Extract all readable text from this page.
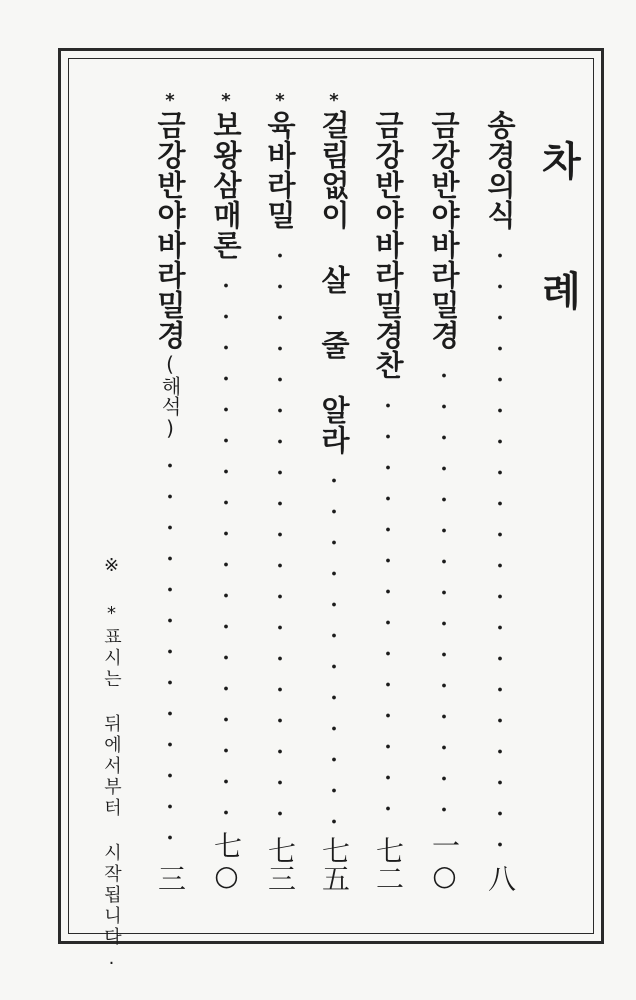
차 례
송경의식
八
금강반야바라밀경
一○
금강반야바라밀경찬
七二
*
걸림없이 살 줄 알라
七五
*
육바라밀
七三
*
보왕삼매론
七○
*
금강반야바라밀경
(해석)
三
※ *표시는 뒤에서부터 시작됩니다.
